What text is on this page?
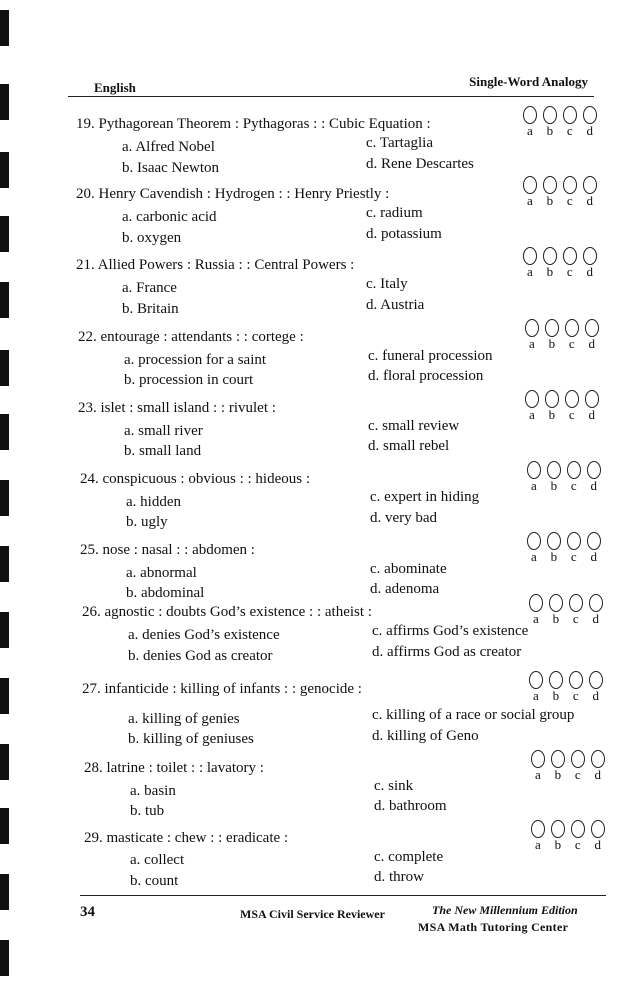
English	Single-Word Analogy
19. Pythagorean Theorem : Pythagoras : : Cubic Equation :
a. Alfred Nobel
b. Isaac Newton
c. Tartaglia
d. Rene Descartes
a b c d
20. Henry Cavendish : Hydrogen : : Henry Priestly :
a. carbonic acid
b. oxygen
c. radium
d. potassium
a b c d
21. Allied Powers : Russia : : Central Powers :
a. France
b. Britain
c. Italy
d. Austria
a b c d
22. entourage : attendants : : cortege :
a. procession for a saint
b. procession in court
c. funeral procession
d. floral procession
a b c d
23. islet : small island : : rivulet :
a. small river
b. small land
c. small review
d. small rebel
a b c d
24. conspicuous : obvious : : hideous :
a. hidden
b. ugly
c. expert in hiding
d. very bad
a b c d
25. nose : nasal : : abdomen :
a. abnormal
b. abdominal
c. abominate
d. adenoma
a b c d
26. agnostic : doubts God’s existence : : atheist :
a. denies God’s existence
b. denies God as creator
c. affirms God’s existence
d. affirms God as creator
a b c d
27. infanticide : killing of infants : : genocide :
a. killing of genies
b. killing of geniuses
c. killing of a race or social group
d. killing of Geno
a b c d
28. latrine : toilet : : lavatory :
a. basin
b. tub
c. sink
d. bathroom
a b c d
29. masticate : chew : : eradicate :
a. collect
b. count
c. complete
d. throw
a b c d
34	MSA Civil Service Reviewer	The New Millennium Edition
MSA Math Tutoring Center
